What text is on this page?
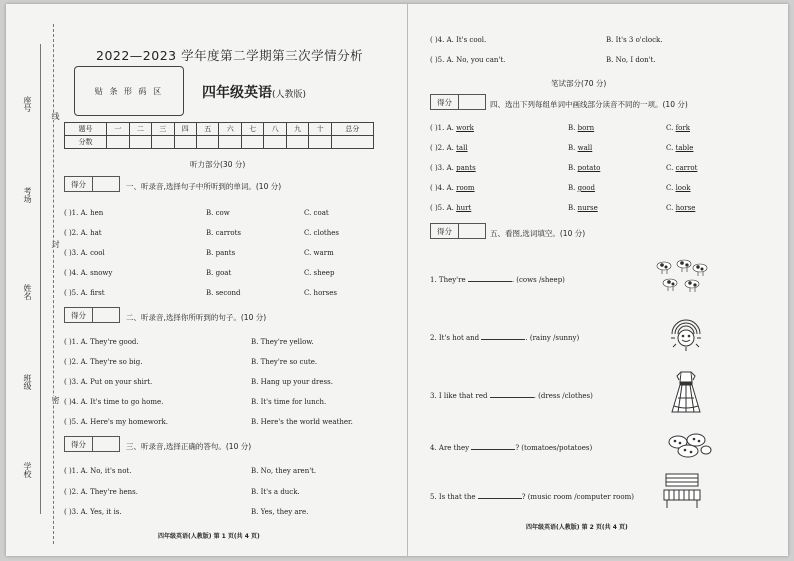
座号
考场
姓名
班级
学校
线
封
密
2022—2023 学年度第二学期第三次学情分析
贴 条 形 码 区	四年级英语(人教版)
题号	一	二	三	四	五	六	七	八	九	十	总分
分数											
听力部分(30 分)
得分	一、听录音,选择句子中所听到的单词。(10 分)
( )1. A. hen	B. cow	C. coat
( )2. A. hat	B. carrots	C. clothes
( )3. A. cool	B. pants	C. warm
( )4. A. snowy	B. goat	C. sheep
( )5. A. first	B. second	C. horses
得分	二、听录音,选择你所听到的句子。(10 分)
( )1. A. They're good.	B. They're yellow.
( )2. A. They're so big.	B. They're so cute.
( )3. A. Put on your shirt.	B. Hang up your dress.
( )4. A. It's time to go home.	B. It's time for lunch.
( )5. A. Here's my homework.	B. Here's the world weather.
得分	三、听录音,选择正确的答句。(10 分)
( )1. A. No, it's not.	B. No, they aren't.
( )2. A. They're hens.	B. It's a duck.
( )3. A. Yes, it is.	B. Yes, they are.
四年级英语(人教版) 第 1 页(共 4 页)
( )4. A. It's cool.	B. It's 3 o'clock.
( )5. A. No, you can't.	B. No, I don't.
笔试部分(70 分)
得分	四、选出下列每组单词中画线部分读音不同的一项。(10 分)
( )1. A. work	B. born	C. fork
( )2. A. tall	B. wall	C. table
( )3. A. pants	B. potato	C. carrot
( )4. A. room	B. good	C. look
( )5. A. hurt	B. nurse	C. horse
得分	五、看图,选词填空。(10 分)
1. They're	. (cows /sheep)
2. It's hot and	. (rainy /sunny)
3. I like that red	. (dress /clothes)
4. Are they	? (tomatoes/potatoes)
5. Is that the	? (music room /computer room)
四年级英语(人教版) 第 2 页(共 4 页)
